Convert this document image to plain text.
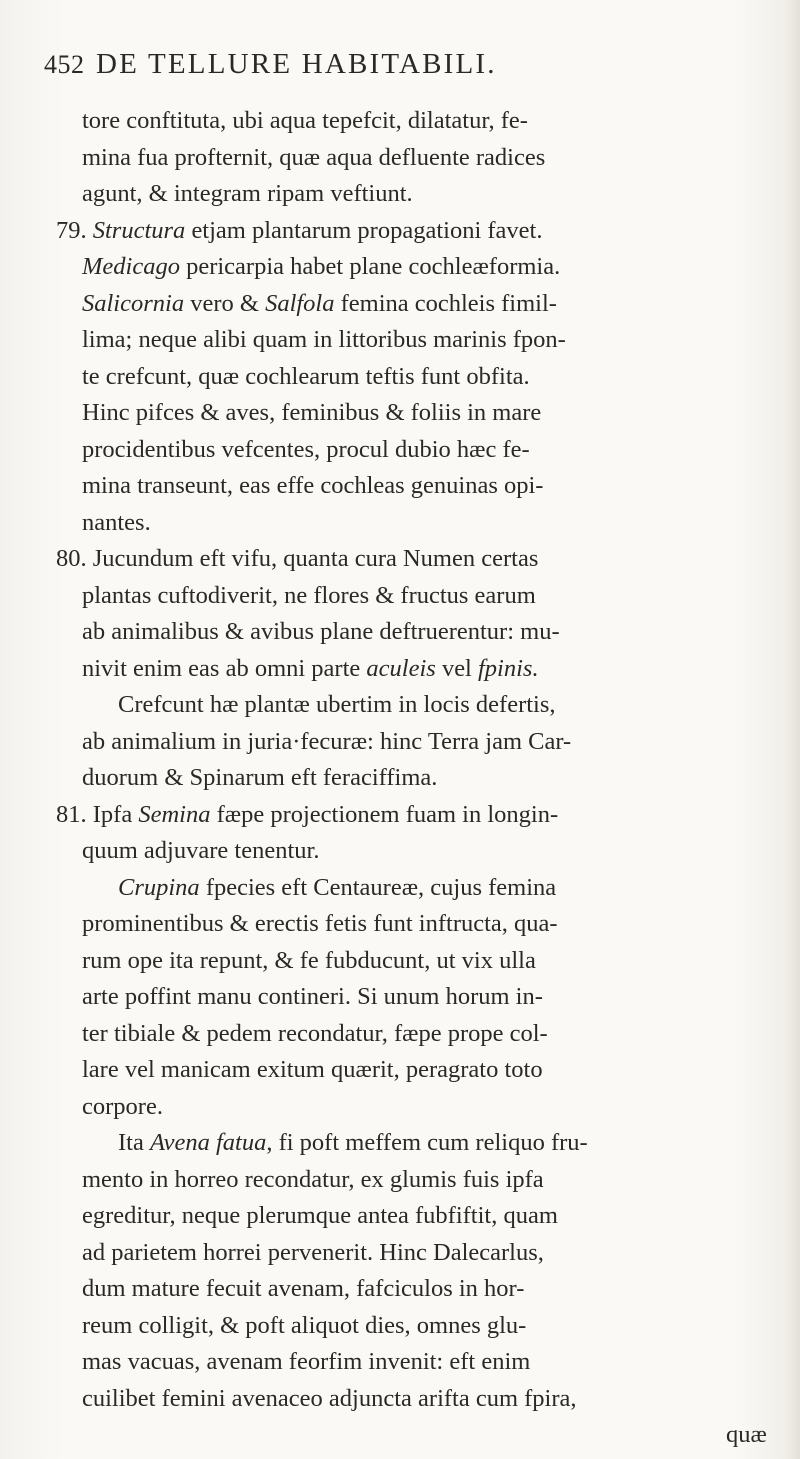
452 DE TELLURE HABITABILI.
tore conftituta, ubi aqua tepefcit, dilatatur, fe-
mina fua profternit, quæ aqua defluente radices
agunt, & integram ripam veftiunt.
79. Structura etjam plantarum propagationi favet.
Medicago pericarpia habet plane cochleæformia.
Salicornia vero & Salfola femina cochleis fimil-
lima; neque alibi quam in littoribus marinis fpon-
te crefcunt, quæ cochlearum teftis funt obfita.
Hinc pifces & aves, feminibus & foliis in mare
procidentibus vefcentes, procul dubio hæc fe-
mina transeunt, eas effe cochleas genuinas opi-
nantes.
80. Jucundum eft vifu, quanta cura Numen certas
plantas cuftodiverit, ne flores & fructus earum
ab animalibus & avibus plane deftruerentur: mu-
nivit enim eas ab omni parte aculeis vel fpinis.
Crefcunt hæ plantæ ubertim in locis defertis,
ab animalium in juria·fecuræ: hinc Terra jam Car-
duorum & Spinarum eft feraciffima.
81. Ipfa Semina fæpe projectionem fuam in longin-
quum adjuvare tenentur.
Crupina fpecies eft Centaureæ, cujus femina
prominentibus & erectis fetis funt inftructa, qua-
rum ope ita repunt, & fe fubducunt, ut vix ulla
arte poffint manu contineri. Si unum horum in-
ter tibiale & pedem recondatur, fæpe prope col-
lare vel manicam exitum quærit, peragrato toto
corpore.
Ita Avena fatua, fi poft meffem cum reliquo fru-
mento in horreo recondatur, ex glumis fuis ipfa
egreditur, neque plerumque antea fubfiftit, quam
ad parietem horrei pervenerit. Hinc Dalecarlus,
dum mature fecuit avenam, fafciculos in hor-
reum colligit, & poft aliquot dies, omnes glu-
mas vacuas, avenam feorfim invenit: eft enim
cuilibet femini avenaceo adjuncta arifta cum fpira,
quæ
